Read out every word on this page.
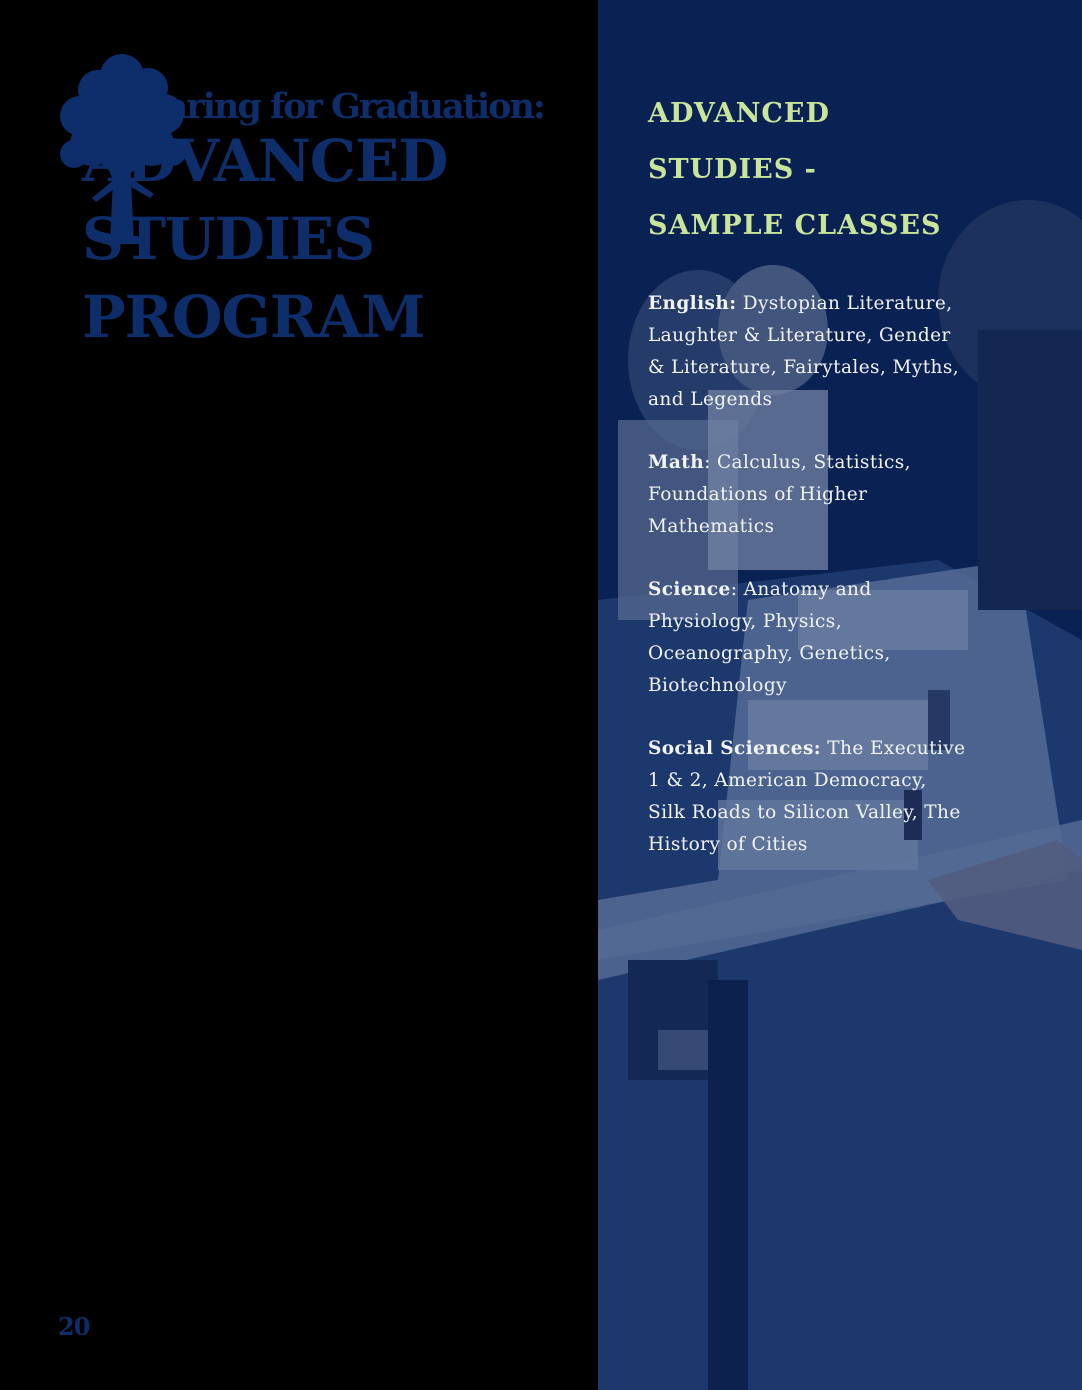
Preparing for Graduation:
ADVANCED
STUDIES
PROGRAM
20
ADVANCED
STUDIES -
SAMPLE CLASSES

English: Dystopian Literature, Laughter & Literature, Gender & Literature, Fairytales, Myths, and Legends

Math: Calculus, Statistics, Foundations of Higher Mathematics

Science: Anatomy and Physiology, Physics, Oceanography, Genetics, Biotechnology

Social Sciences: The Executive 1 & 2, American Democracy, Silk Roads to Silicon Valley, The History of Cities
